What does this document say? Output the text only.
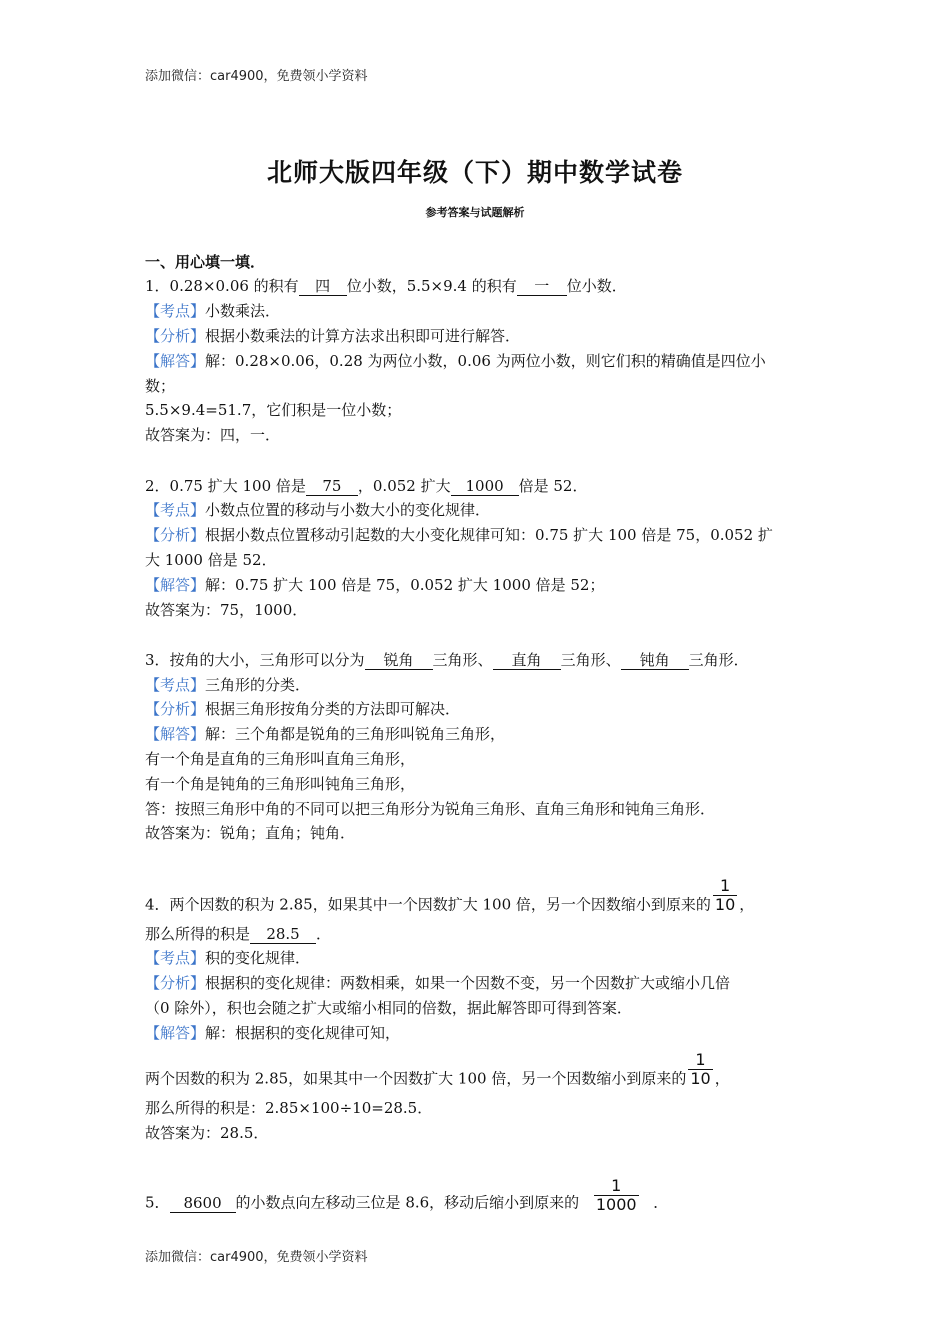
添加微信：car4900，免费领小学资料
北师大版四年级（下）期中数学试卷
参考答案与试题解析
一、用心填一填．
1．0.28×0.06 的积有 四 位小数，5.5×9.4 的积有 一 位小数．
【考点】小数乘法．
【分析】根据小数乘法的计算方法求出积即可进行解答．
【解答】解：0.28×0.06，0.28 为两位小数，0.06 为两位小数，则它们积的精确值是四位小
数；
5.5×9.4=51.7，它们积是一位小数；
故答案为：四，一．
2．0.75 扩大 100 倍是 75 ，0.052 扩大 1000 倍是 52．
【考点】小数点位置的移动与小数大小的变化规律．
【分析】根据小数点位置移动引起数的大小变化规律可知：0.75 扩大 100 倍是 75，0.052 扩
大 1000 倍是 52．
【解答】解：0.75 扩大 100 倍是 75，0.052 扩大 1000 倍是 52；
故答案为：75，1000．
3．按角的大小，三角形可以分为 锐角 三角形、 直角 三角形、 钝角 三角形．
【考点】三角形的分类．
【分析】根据三角形按角分类的方法即可解决．
【解答】解：三个角都是锐角的三角形叫锐角三角形，
有一个角是直角的三角形叫直角三角形，
有一个角是钝角的三角形叫钝角三角形，
答：按照三角形中角的不同可以把三角形分为锐角三角形、直角三角形和钝角三角形．
故答案为：锐角；直角；钝角．
4．两个因数的积为 2.85，如果其中一个因数扩大 100 倍，另一个因数缩小到原来的 $\frac{1}{10}$ ，
那么所得的积是 28.5 ．
【考点】积的变化规律．
【分析】根据积的变化规律：两数相乘，如果一个因数不变，另一个因数扩大或缩小几倍
（0 除外），积也会随之扩大或缩小相同的倍数，据此解答即可得到答案．
【解答】解：根据积的变化规律可知，
两个因数的积为 2.85，如果其中一个因数扩大 100 倍，另一个因数缩小到原来的 $\frac{1}{10}$ ，
那么所得的积是：2.85×100÷10=28.5．
故答案为：28.5．
5． 8600 的小数点向左移动三位是 8.6，移动后缩小到原来的 $\frac{1}{1000}$ ．
添加微信：car4900，免费领小学资料
